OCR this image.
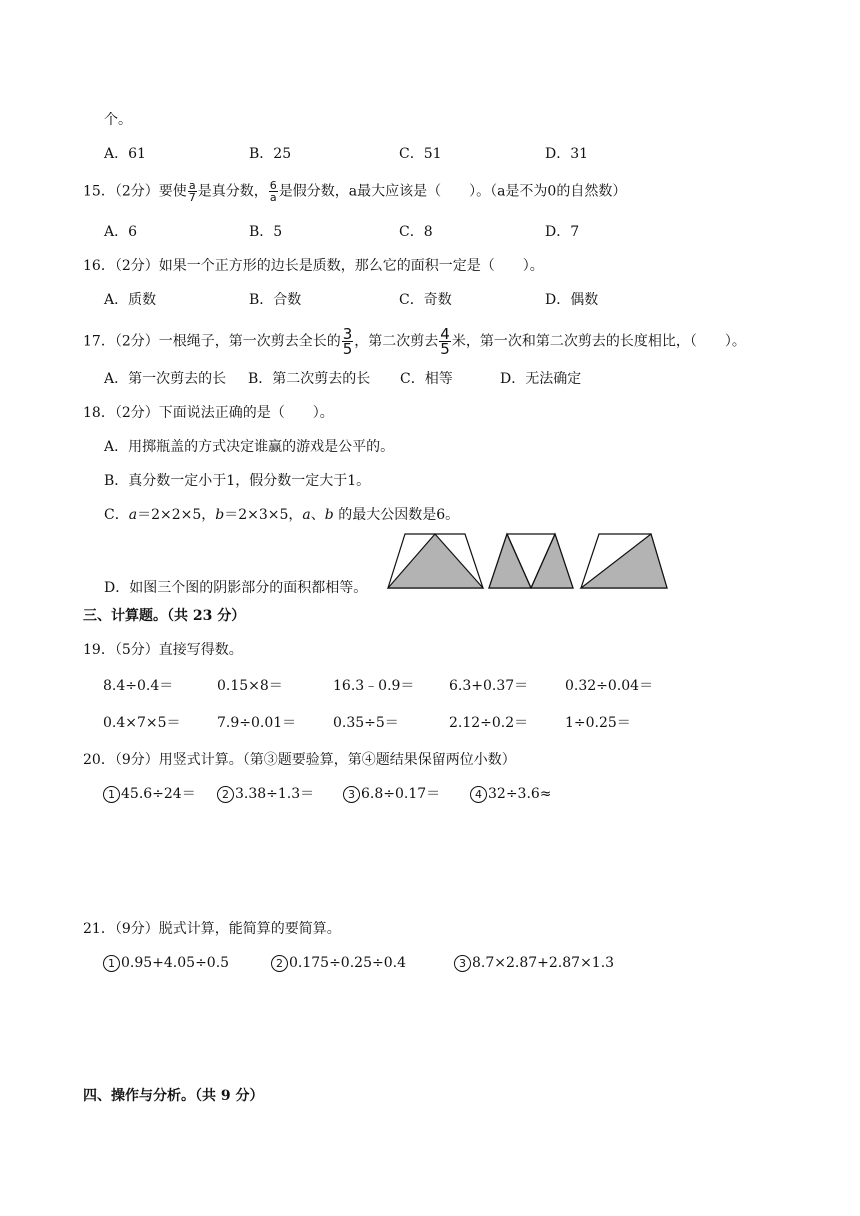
个。
A．61	B．25	C．51	D．31
15．（2分）要使 $\frac{a}{7}$ 是真分数， $\frac{6}{a}$ 是假分数，a最大应该是（　　）。（a是不为0的自然数）
A．6	B．5	C．8	D．7
16．（2分）如果一个正方形的边长是质数，那么它的面积一定是（　　）。
A．质数	B．合数	C．奇数	D．偶数
17．（2分）一根绳子，第一次剪去全长的 $\frac{3}{5}$ ，第二次剪去 $\frac{4}{5}$ 米，第一次和第二次剪去的长度相比，（　　）。
A．第一次剪去的长 B．第二次剪去的长 C．相等	D．无法确定
18．（2分）下面说法正确的是（　　）。
A．用掷瓶盖的方式决定谁赢的游戏是公平的。
B．真分数一定小于1，假分数一定大于1。
C．a＝2×2×5，b＝2×3×5，a、b 的最大公因数是6。
D．如图三个图的阴影部分的面积都相等。
三、计算题。（共 23 分）
19．（5分）直接写得数。
8.4÷0.4＝	0.15×8＝	16.3﹣0.9＝ 6.3+0.37＝	0.32÷0.04＝
0.4×7×5＝	7.9÷0.01＝	0.35÷5＝	2.12÷0.2＝	1÷0.25＝
20．（9分）用竖式计算。（第③题要验算，第④题结果保留两位小数）
1 45.6÷24＝	2 3.38÷1.3＝	3 6.8÷0.17＝	4 32÷3.6≈
21．（9分）脱式计算，能简算的要简算。
1 0.95+4.05÷0.5	2 0.175÷0.25÷0.4	3 8.7×2.87+2.87×1.3
四、操作与分析。（共 9 分）
